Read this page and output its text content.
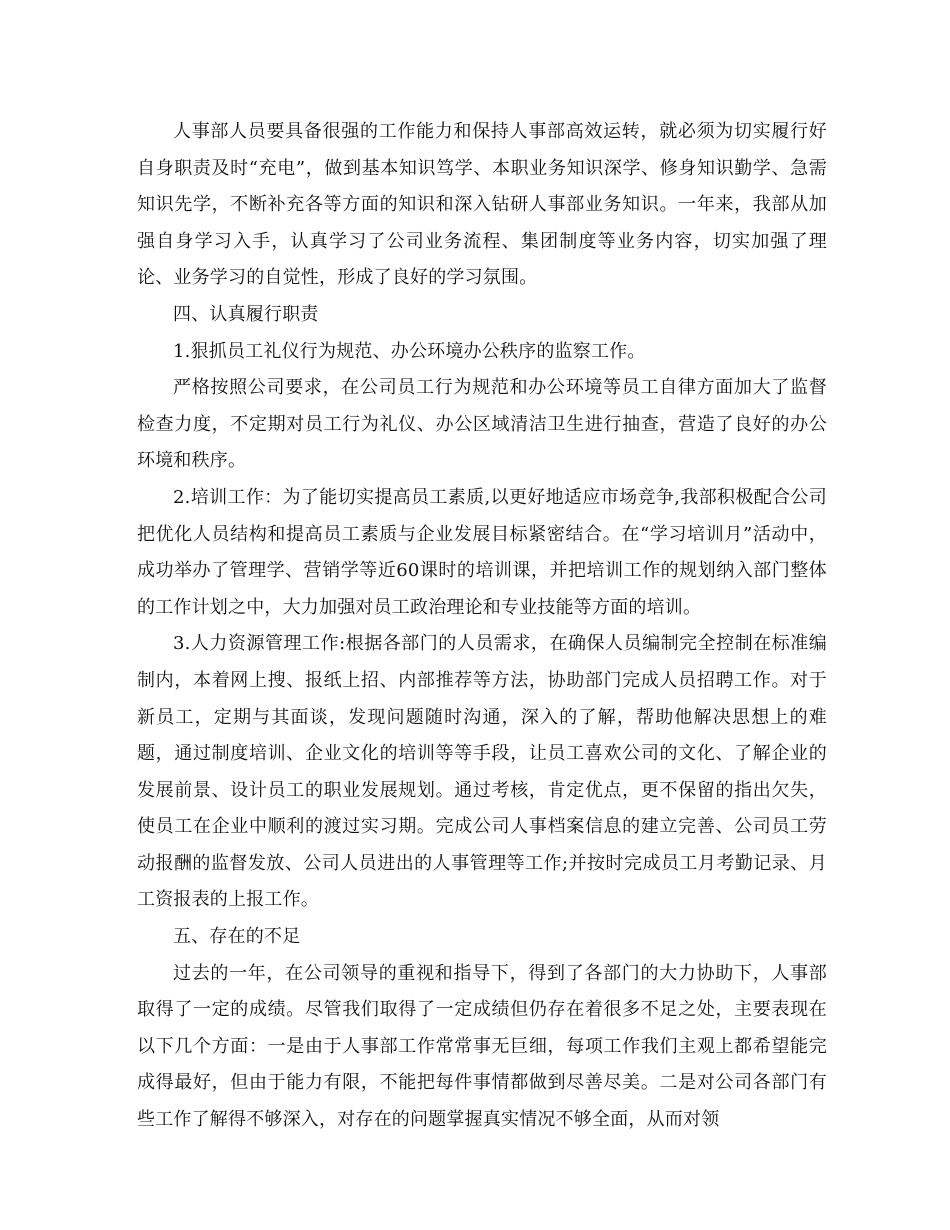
人事部人员要具备很强的工作能力和保持人事部高效运转，就必须为切实履行好自身职责及时“充电”，做到基本知识笃学、本职业务知识深学、修身知识勤学、急需知识先学，不断补充各等方面的知识和深入钻研人事部业务知识。一年来，我部从加强自身学习入手，认真学习了公司业务流程、集团制度等业务内容，切实加强了理论、业务学习的自觉性，形成了良好的学习氛围。

四、认真履行职责

1.狠抓员工礼仪行为规范、办公环境办公秩序的监察工作。

严格按照公司要求，在公司员工行为规范和办公环境等员工自律方面加大了监督检查力度，不定期对员工行为礼仪、办公区域清洁卫生进行抽查，营造了良好的办公环境和秩序。

2.培训工作：为了能切实提高员工素质,以更好地适应市场竞争,我部积极配合公司把优化人员结构和提高员工素质与企业发展目标紧密结合。在“学习培训月”活动中，成功举办了管理学、营销学等近60课时的培训课，并把培训工作的规划纳入部门整体的工作计划之中，大力加强对员工政治理论和专业技能等方面的培训。

3.人力资源管理工作:根据各部门的人员需求，在确保人员编制完全控制在标准编制内，本着网上搜、报纸上招、内部推荐等方法，协助部门完成人员招聘工作。对于新员工，定期与其面谈，发现问题随时沟通，深入的了解，帮助他解决思想上的难题，通过制度培训、企业文化的培训等等手段，让员工喜欢公司的文化、了解企业的发展前景、设计员工的职业发展规划。通过考核，肯定优点，更不保留的指出欠失，使员工在企业中顺利的渡过实习期。完成公司人事档案信息的建立完善、公司员工劳动报酬的监督发放、公司人员进出的人事管理等工作;并按时完成员工月考勤记录、月工资报表的上报工作。

五、存在的不足

过去的一年，在公司领导的重视和指导下，得到了各部门的大力协助下，人事部取得了一定的成绩。尽管我们取得了一定成绩但仍存在着很多不足之处，主要表现在以下几个方面：一是由于人事部工作常常事无巨细，每项工作我们主观上都希望能完成得最好，但由于能力有限，不能把每件事情都做到尽善尽美。二是对公司各部门有些工作了解得不够深入，对存在的问题掌握真实情况不够全面，从而对领
